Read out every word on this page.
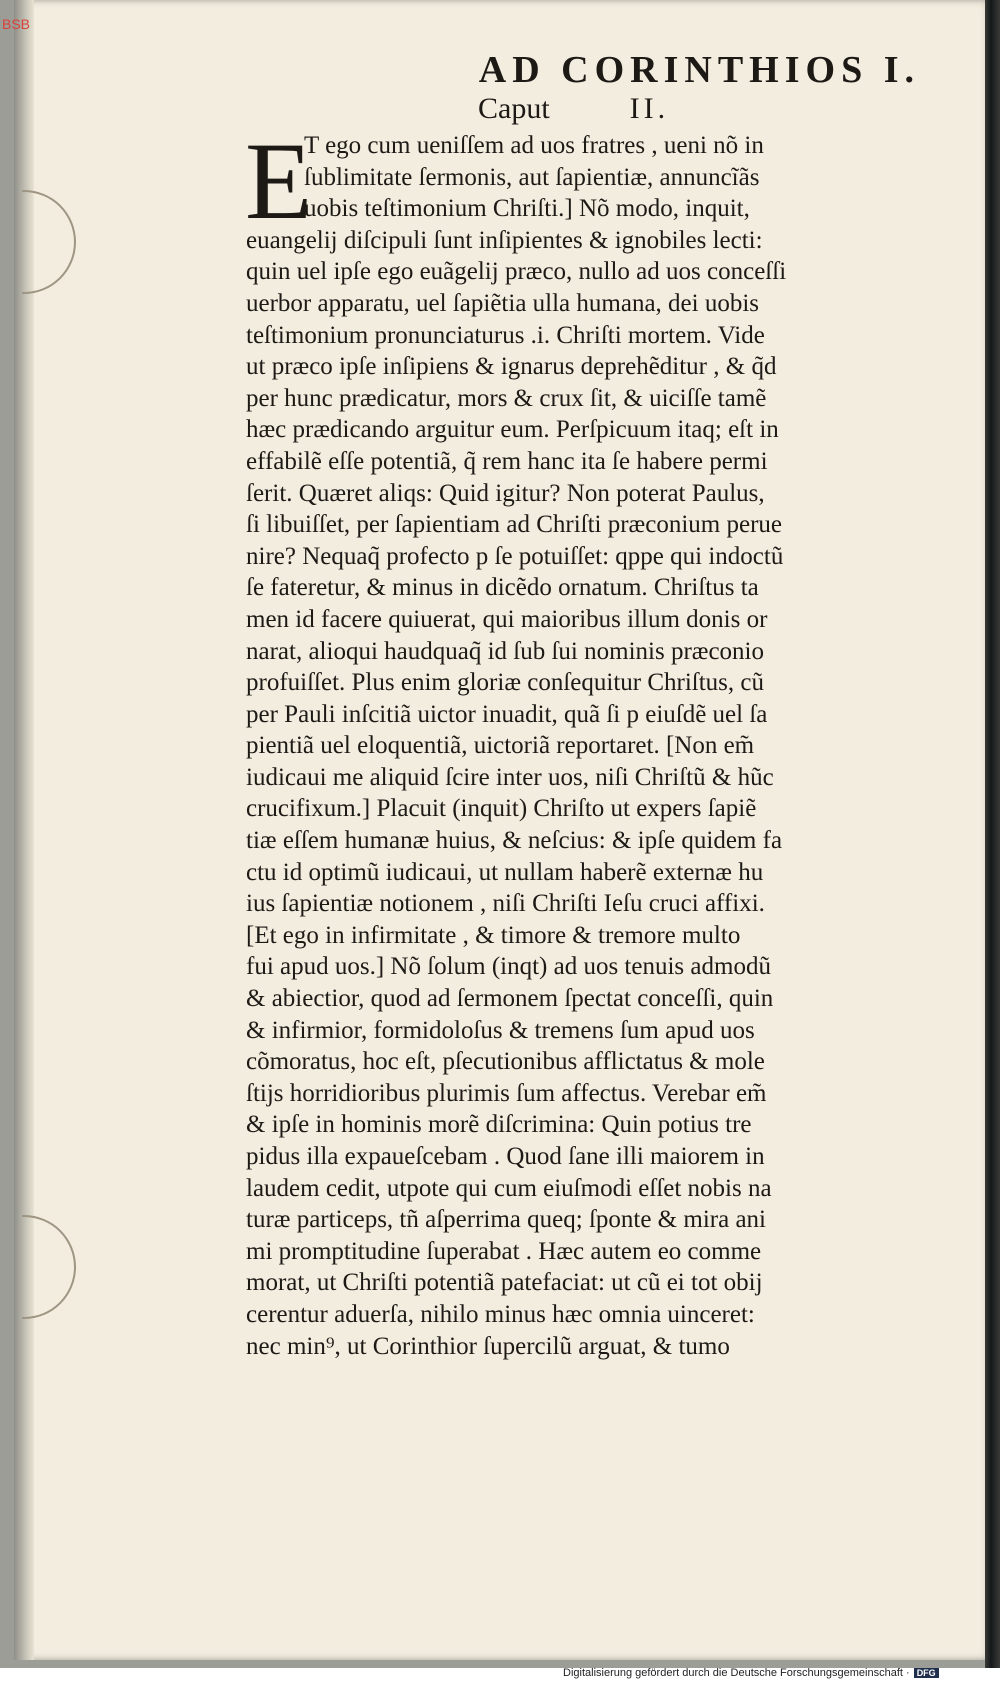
BSB
AD CORINTHIOS I.
Caput	II.
E
T ego cum ueniſſem ad uos fratres , ueni nõ in
ſublimitate ſermonis, aut ſapientiæ, annuncĩãs
uobis teſtimonium Chriſti.] Nõ modo, inquit,
euangelij diſcipuli ſunt inſipientes & ignobiles lecti:
quin uel ipſe ego euãgelij præco, nullo ad uos conceſſi
uerbor apparatu, uel ſapiẽtia ulla humana, dei uobis
teſtimonium pronunciaturus .i. Chriſti mortem. Vide
ut præco ipſe inſipiens & ignarus deprehẽditur , & q̃d
per hunc prædicatur, mors & crux ſit, & uiciſſe tamẽ
hæc prædicando arguitur eum. Perſpicuum itaq; eſt in
effabilẽ eſſe potentiã, q̃ rem hanc ita ſe habere permi
ſerit. Quæret aliqs: Quid igitur? Non poterat Paulus,
ſi libuiſſet, per ſapientiam ad Chriſti præconium perue
nire? Nequaq̃ profecto p ſe potuiſſet: qppe qui indoctũ
ſe fateretur, & minus in dicẽdo ornatum. Chriſtus ta
men id facere quiuerat, qui maioribus illum donis or
narat, alioqui haudquaq̃ id ſub ſui nominis præconio
profuiſſet. Plus enim gloriæ conſequitur Chriſtus, cũ
per Pauli inſcitiã uictor inuadit, quã ſi p eiuſdẽ uel ſa
pientiã uel eloquentiã, uictoriã reportaret. [Non em̃
iudicaui me aliquid ſcire inter uos, niſi Chriſtũ & hũc
crucifixum.] Placuit (inquit) Chriſto ut expers ſapiẽ
tiæ eſſem humanæ huius, & neſcius: & ipſe quidem fa
ctu id optimũ iudicaui, ut nullam haberẽ externæ hu
ius ſapientiæ notionem , niſi Chriſti Ieſu cruci affixi.
[Et ego in infirmitate , & timore & tremore multo
fui apud uos.] Nõ ſolum (inqt) ad uos tenuis admodũ
& abiectior, quod ad ſermonem ſpectat conceſſi, quin
& infirmior, formidoloſus & tremens ſum apud uos
cõmoratus, hoc eſt, pſecutionibus afflictatus & mole
ſtijs horridioribus plurimis ſum affectus. Verebar em̃
& ipſe in hominis morẽ diſcrimina: Quin potius tre
pidus illa expaueſcebam . Quod ſane illi maiorem in
laudem cedit, utpote qui cum eiuſmodi eſſet nobis na
turæ particeps, tñ aſperrima queq; ſponte & mira ani
mi promptitudine ſuperabat . Hæc autem eo comme
morat, ut Chriſti potentiã patefaciat: ut cũ ei tot obij
cerentur aduerſa, nihilo minus hæc omnia uinceret:
nec min⁹, ut Corinthior ſupercilũ arguat, & tumo
Digitalisierung gefördert durch die Deutsche Forschungsgemeinschaft · DFG
